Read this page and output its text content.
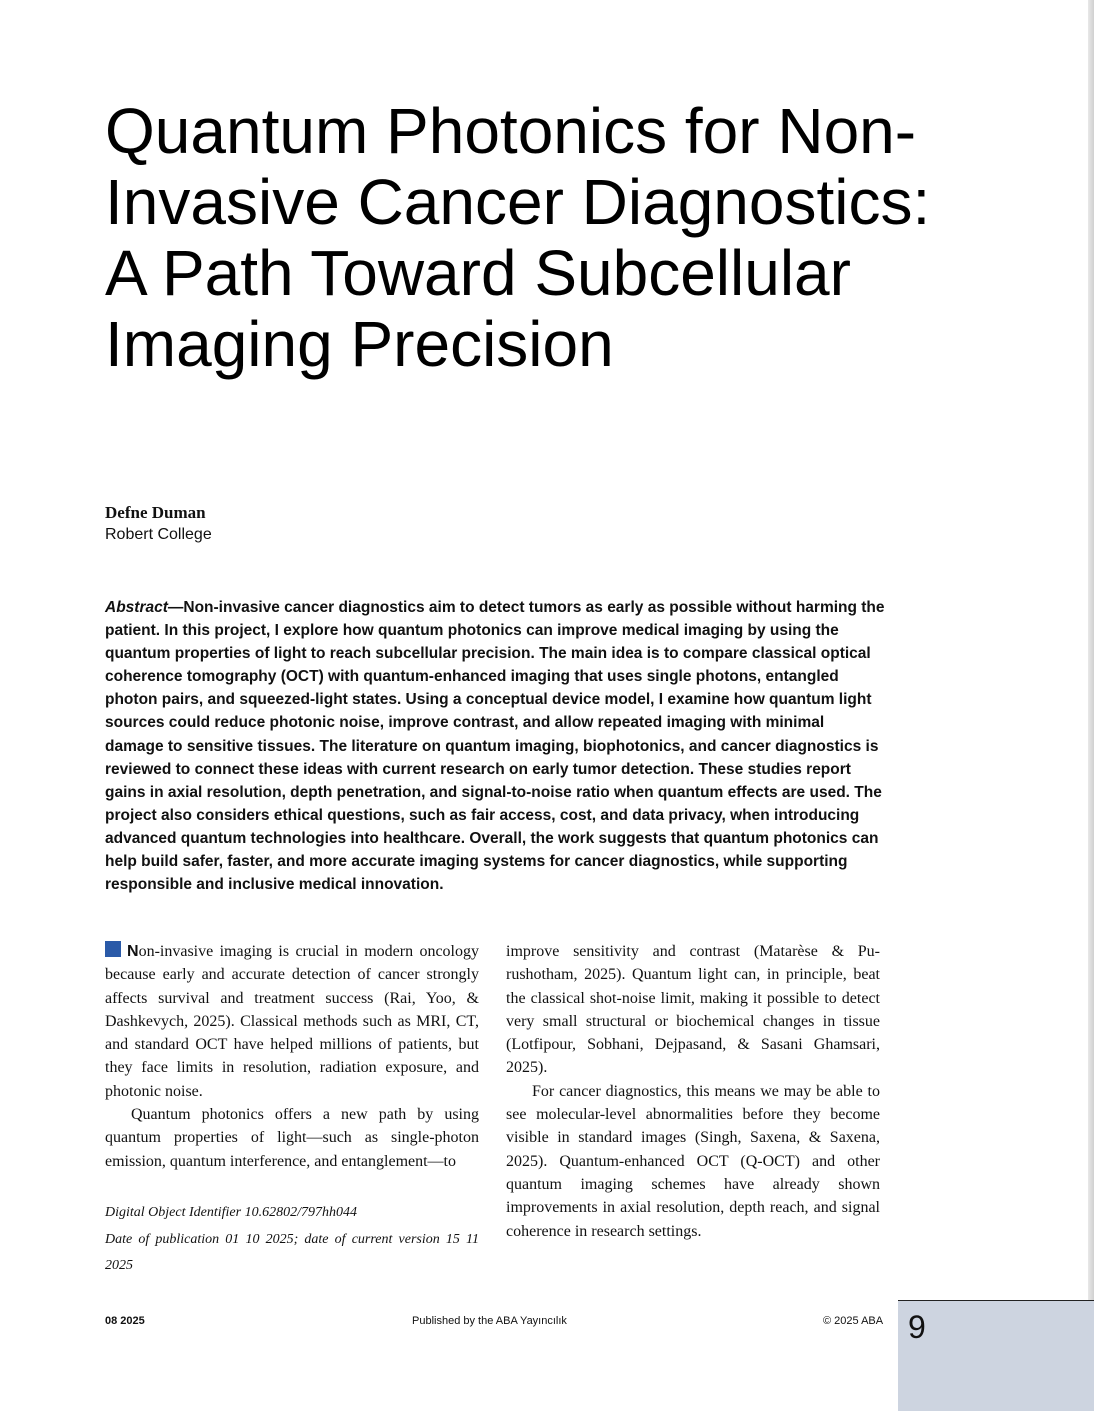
Quantum Photonics for Non-Invasive Cancer Diagnostics: A Path Toward Subcellular Imaging Precision
Defne Duman
Robert College

Abstract—Non-invasive cancer diagnostics aim to detect tumors as early as possible without harming the patient. In this project, I explore how quantum photonics can improve medical imaging by using the quantum properties of light to reach subcellular precision. The main idea is to compare classical optical coherence tomography (OCT) with quantum-enhanced imaging that uses single photons, entangled photon pairs, and squeezed-light states. Using a conceptual device model, I examine how quantum light sources could reduce photonic noise, improve contrast, and allow repeated imaging with minimal damage to sensitive tissues. The literature on quantum imaging, biophotonics, and cancer diagnostics is reviewed to connect these ideas with current research on early tumor detection. These studies report gains in axial resolution, depth penetration, and signal-to-noise ratio when quantum effects are used. The project also considers ethical questions, such as fair access, cost, and data privacy, when introducing advanced quantum technologies into healthcare. Overall, the work suggests that quantum photonics can help build safer, faster, and more accurate imaging systems for cancer diagnostics, while supporting responsible and inclusive medical innovation.

Non-invasive imaging is crucial in modern oncology because early and accurate detection of cancer strongly affects survival and treatment success (Rai, Yoo, & Dashkevych, 2025). Classical methods such as MRI, CT, and standard OCT have helped millions of patients, but they face limits in resolution, radiation exposure, and photonic noise.

Quantum photonics offers a new path by using quantum properties of light—such as single-photon emission, quantum interference, and entanglement—to

improve sensitivity and contrast (Matarèse & Purushotham, 2025). Quantum light can, in principle, beat the classical shot-noise limit, making it possible to detect very small structural or biochemical changes in tissue (Lotfipour, Sobhani, Dejpasand, & Sasani Ghamsari, 2025).

For cancer diagnostics, this means we may be able to see molecular-level abnormalities before they become visible in standard images (Singh, Saxena, & Saxena, 2025). Quantum-enhanced OCT (Q-OCT) and other quantum imaging schemes have already shown improvements in axial resolution, depth reach, and signal coherence in research settings.

Digital Object Identifier 10.62802/797hh044

Date of publication 01 10 2025; date of current version 15 11 2025

08 2025	Published by the ABA Yayıncılık	© 2025 ABA 9
